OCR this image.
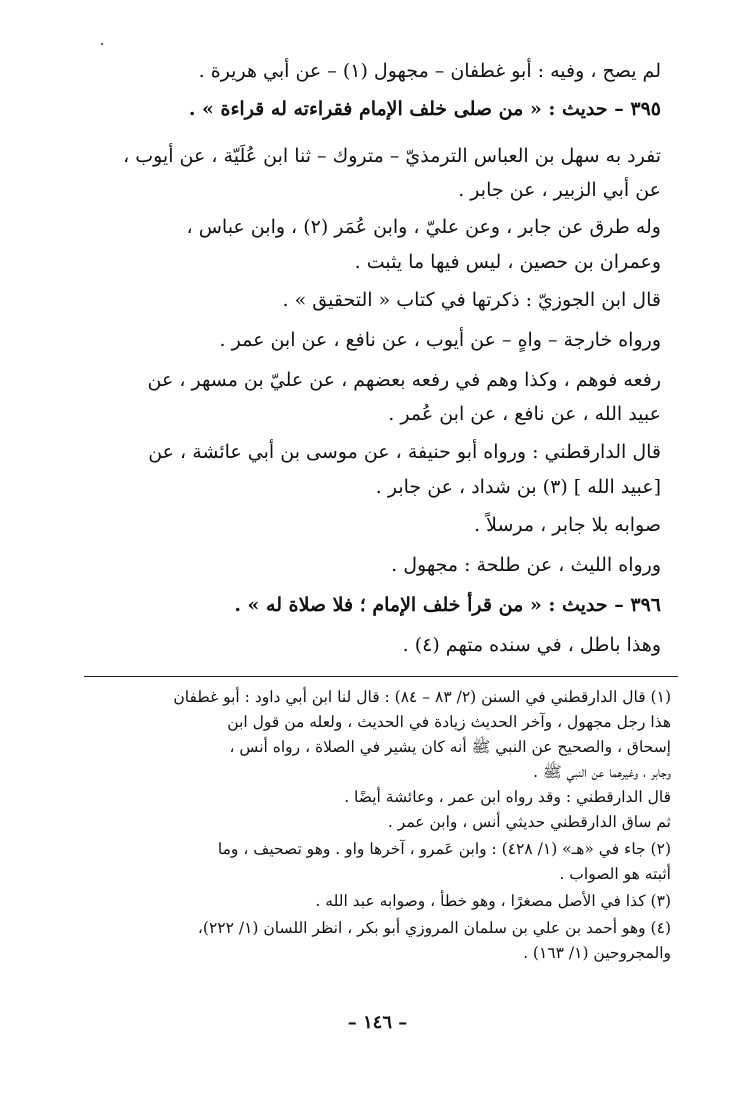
لم يصح ، وفيه : أبو غطفان – مجهول (١) – عن أبي هريرة .
٣٩٥ – حديث : « من صلى خلف الإمام فقراءته له قراءة » .
تفرد به سهل بن العباس الترمذيّ – متروك – ثنا ابن عُلَيّة ، عن أيوب ،
عن أبي الزبير ، عن جابر .
وله طرق عن جابر ، وعن عليّ ، وابن عُمَر (٢) ، وابن عباس ،
وعمران بن حصين ، ليس فيها ما يثبت .
قال ابن الجوزيّ : ذكرتها في كتاب « التحقيق » .
ورواه خارجة – واهٍ – عن أيوب ، عن نافع ، عن ابن عمر .
رفعه فوهم ، وكذا وهم في رفعه بعضهم ، عن عليّ بن مسهر ، عن
عبيد الله ، عن نافع ، عن ابن عُمر .
قال الدارقطني : ورواه أبو حنيفة ، عن موسى بن أبي عائشة ، عن
[عبيد الله ] (٣) بن شداد ، عن جابر .
صوابه بلا جابر ، مرسلاً .
ورواه الليث ، عن طلحة : مجهول .
٣٩٦ – حديث : « من قرأ خلف الإمام ؛ فلا صلاة له » .
وهذا باطل ، في سنده متهم (٤) .
(١) قال الدارقطني في السنن (٢/ ٨٣ – ٨٤) : قال لنا ابن أبي داود : أبو غطفان
هذا رجل مجهول ، وآخر الحديث زيادة في الحديث ، ولعله من قول ابن
إسحاق ، والصحيح عن النبي ﷺ أنه كان يشير في الصلاة ، رواه أنس ،
وجابر ، وغيرهما عن النبي ﷺ .
قال الدارقطني : وقد رواه ابن عمر ، وعائشة أيضًا .
ثم ساق الدارقطني حديثي أنس ، وابن عمر .
(٢) جاء في «هـ» (١/ ٤٢٨) : وابن عَمرو ، آخرها واو . وهو تصحيف ، وما
أثبته هو الصواب .
(٣) كذا في الأصل مصغرًا ، وهو خطأ ، وصوابه عبد الله .
(٤) وهو أحمد بن علي بن سلمان المروزي أبو بكر ، انظر اللسان (١/ ٢٢٢)،
والمجروحين (١/ ١٦٣) .
– ١٤٦ –
